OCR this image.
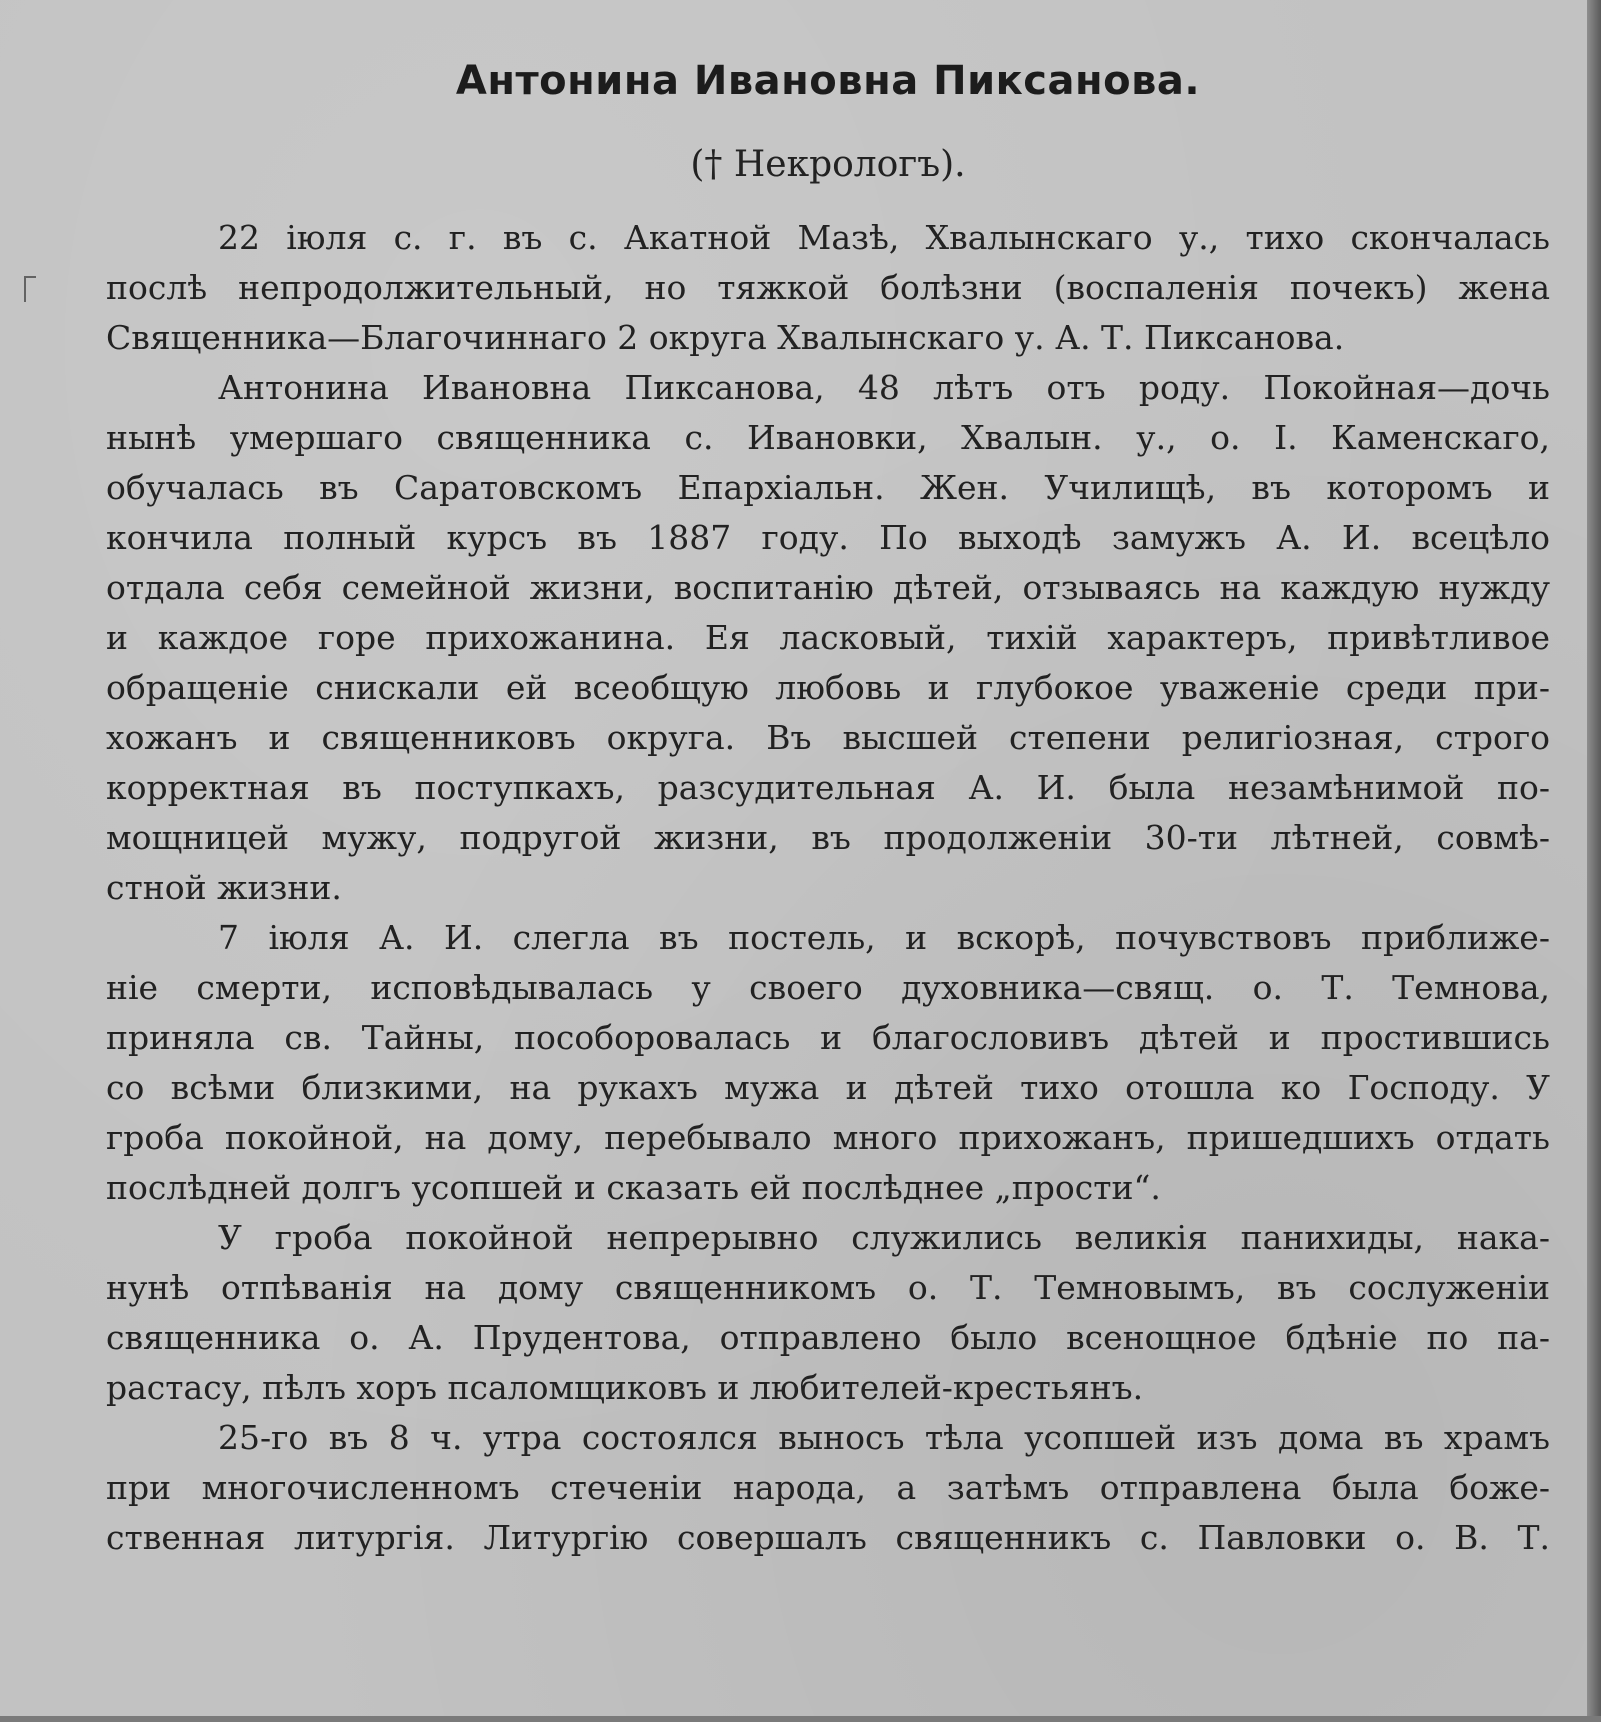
Антонина Ивановна Пиксанова.
(† Некрологъ).
22 іюля с. г. въ с. Акатной Мазѣ, Хвалынскаго у., тихо скончалась
послѣ непродолжительный, но тяжкой болѣзни (воспаленія почекъ) жена
Священника—Благочиннаго 2 округа Хвалынскаго у. А. Т. Пиксанова.
Антонина Ивановна Пиксанова, 48 лѣтъ отъ роду. Покойная—дочь
нынѣ умершаго священника с. Ивановки, Хвалын. у., о. I. Каменскаго,
обучалась въ Саратовскомъ Епархіальн. Жен. Училищѣ, въ которомъ и
кончила полный курсъ въ 1887 году. По выходѣ замужъ А. И. всецѣло
отдала себя семейной жизни, воспитанію дѣтей, отзываясь на каждую нужду
и каждое горе прихожанина. Ея ласковый, тихій характеръ, привѣтливое
обращеніе снискали ей всеобщую любовь и глубокое уваженіе среди при-
хожанъ и священниковъ округа. Въ высшей степени религіозная, строго
корректная въ поступкахъ, разсудительная А. И. была незамѣнимой по-
мощницей мужу, подругой жизни, въ продолженіи 30-ти лѣтней, совмѣ-
стной жизни.
7 іюля А. И. слегла въ постель, и вскорѣ, почувствовъ приближе-
ніе смерти, исповѣдывалась у своего духовника—свящ. о. Т. Темнова,
приняла св. Тайны, пособоровалась и благословивъ дѣтей и простившись
со всѣми близкими, на рукахъ мужа и дѣтей тихо отошла ко Господу. У
гроба покойной, на дому, перебывало много прихожанъ, пришедшихъ отдать
послѣдней долгъ усопшей и сказать ей послѣднее „прости“.
У гроба покойной непрерывно служились великія панихиды, нака-
нунѣ отпѣванія на дому священникомъ о. Т. Темновымъ, въ сослуженіи
священника о. А. Прудентова, отправлено было всенощное бдѣніе по па-
растасу, пѣлъ хоръ псаломщиковъ и любителей-крестьянъ.
25-го въ 8 ч. утра состоялся выносъ тѣла усопшей изъ дома въ храмъ
при многочисленномъ стеченіи народа, а затѣмъ отправлена была боже-
ственная литургія. Литургію совершалъ священникъ с. Павловки о. В. Т.
